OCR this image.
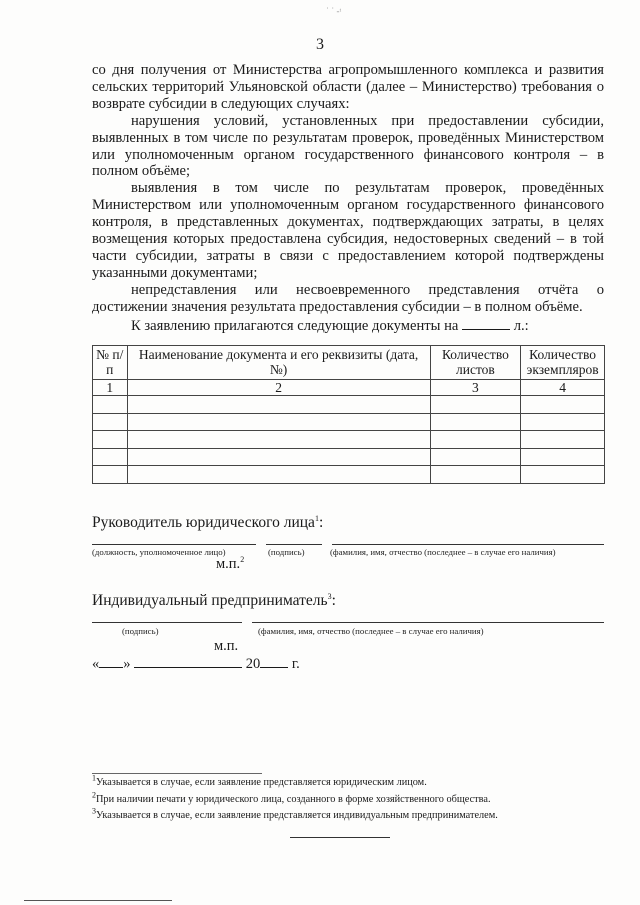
˙ ˙ -ᵗ
3

со дня получения от Министерства агропромышленного комплекса и развития сельских территорий Ульяновской области (далее – Министерство) требования о возврате субсидии в следующих случаях:

нарушения условий, установленных при предоставлении субсидии, выявленных в том числе по результатам проверок, проведённых Министерством или уполномоченным органом государственного финансового контроля – в полном объёме;

выявления в том числе по результатам проверок, проведённых Министерством или уполномоченным органом государственного финансового контроля, в представленных документах, подтверждающих затраты, в целях возмещения которых предоставлена субсидия, недостоверных сведений – в той части субсидии, затраты в связи с предоставлением которой подтверждены указанными документами;

непредставления или несвоевременного представления отчёта о достижении значения результата предоставления субсидии – в полном объёме.

К заявлению прилагаются следующие документы на	л.:

№ п/п	Наименование документа и его реквизиты (дата, №)	Количество листов	Количество экземпляров
1	2	3	4

Руководитель юридического лица$^1$:
(должность, уполномоченное лицо)	(подпись)	(фамилия, имя, отчество (последнее – в случае его наличия)
м.п.$^2$
Индивидуальный предприниматель$^3$:
(подпись)	(фамилия, имя, отчество (последнее – в случае его наличия)
м.п.
« »	20 г.
$^1$Указывается в случае, если заявление представляется юридическим лицом.
$^2$При наличии печати у юридического лица, созданного в форме хозяйственного общества.
$^3$Указывается в случае, если заявление представляется индивидуальным предпринимателем.
